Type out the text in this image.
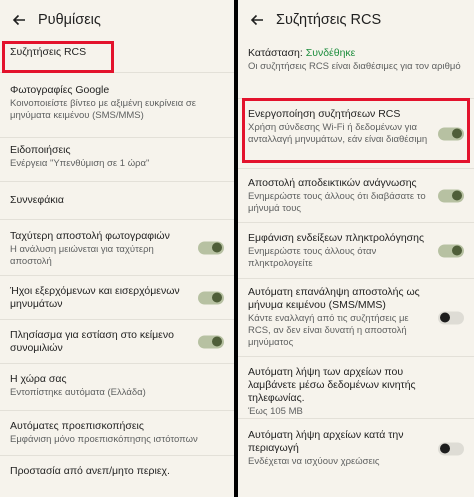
Ρυθμίσεις
Συζητήσεις RCS
Φωτογραφίες Google
Κοινοποιείστε βίντεο με αξιμένη ευκρίνεια σε μηνύματα κειμένου (SMS/MMS)
Ειδοποιήσεις
Ενέργεια "Υπενθύμιση σε 1 ώρα"
Συννεφάκια
Ταχύτερη αποστολή φωτογραφιών
Η ανάλυση μειώνεται για ταχύτερη αποστολή
Ήχοι εξερχόμενων και εισερχόμενων μηνυμάτων
Πλησίασμα για εστίαση στο κείμενο συνομιλιών
Η χώρα σας
Εντοπίστηκε αυτόματα (Ελλάδα)
Αυτόματες προεπισκοπήσεις
Εμφάνιση μόνο προεπισκόπησης ιστότοπων
Προστασία από ανεπ/μητο περιεχ.
Συζητήσεις RCS
Κατάσταση: Συνδέθηκε
Οι συζητήσεις RCS είναι διαθέσιμες για τον αριθμό
Ενεργοποίηση συζητήσεων RCS
Χρήση σύνδεσης Wi-Fi ή δεδομένων για ανταλλαγή μηνυμάτων, εάν είναι διαθέσιμη
Αποστολή αποδεικτικών ανάγνωσης
Ενημερώστε τους άλλους ότι διαβάσατε το μήνυμά τους
Εμφάνιση ενδείξεων πληκτρολόγησης
Ενημερώστε τους άλλους όταν πληκτρολογείτε
Αυτόματη επανάληψη αποστολής ως μήνυμα κειμένου (SMS/MMS)
Κάντε εναλλαγή από τις συζητήσεις με RCS, αν δεν είναι δυνατή η αποστολή μηνύματος
Αυτόματη λήψη των αρχείων που λαμβάνετε μέσω δεδομένων κινητής τηλεφωνίας.
Έως 105 MB
Αυτόματη λήψη αρχείων κατά την περιαγωγή
Ενδέχεται να ισχύουν χρεώσεις
